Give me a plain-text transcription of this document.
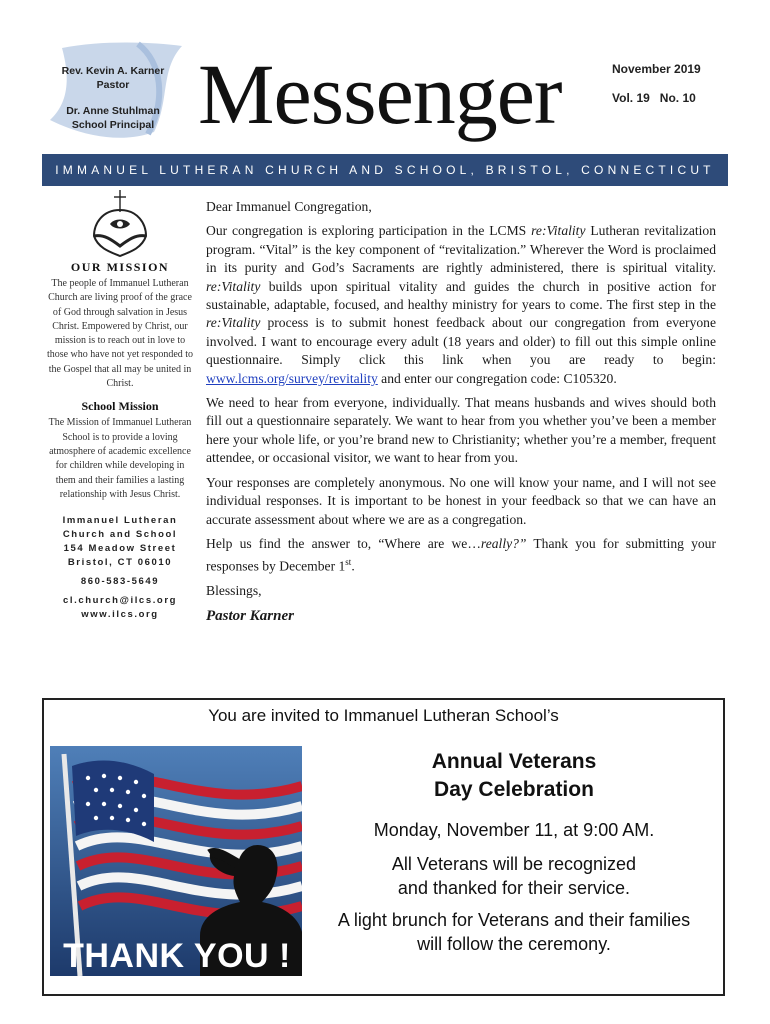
Rev. Kevin A. Karner
Pastor
Dr. Anne Stuhlman
School Principal Messenger	November 2019
Vol. 19   No. 10
IMMANUEL LUTHERAN CHURCH AND SCHOOL, BRISTOL, CONNECTICUT
OUR MISSION
The people of Immanuel Lutheran Church are living proof of the grace of God through salvation in Jesus Christ. Empowered by Christ, our mission is to reach out in love to those who have not yet responded to the Gospel that all may be united in Christ.
School Mission
The Mission of Immanuel Lutheran School is to provide a loving atmosphere of academic excellence for children while developing in them and their families a lasting relationship with Jesus Christ.
Immanuel Lutheran Church and School
154 Meadow Street
Bristol, CT 06010
860-583-5649
cl.church@ilcs.org
www.ilcs.org

Dear Immanuel Congregation,

Our congregation is exploring participation in the LCMS re:Vitality Lutheran revitalization program. “Vital” is the key component of “revitalization.” Wherever the Word is proclaimed in its purity and God’s Sacraments are rightly administered, there is spiritual vitality. re:Vitality builds upon spiritual vitality and guides the church in positive action for sustainable, adaptable, focused, and healthy ministry for years to come. The first step in the re:Vitality process is to submit honest feedback about our congregation from everyone involved. I want to encourage every adult (18 years and older) to fill out this simple online questionnaire. Simply click this link when you are ready to begin: www.lcms.org/survey/revitality and enter our congregation code: C105320.

We need to hear from everyone, individually. That means husbands and wives should both fill out a questionnaire separately. We want to hear from you whether you’ve been a member here your whole life, or you’re brand new to Christianity; whether you’re a member, frequent attendee, or occasional visitor, we want to hear from you.

Your responses are completely anonymous. No one will know your name, and I will not see individual responses. It is important to be honest in your feedback so that we can have an accurate assessment about where we are as a congregation.

Help us find the answer to, “Where are we…really?” Thank you for submitting your responses by December 1st.

Blessings,

Pastor Karner
You are invited to Immanuel Lutheran School’s
THANK YOU !
Annual Veterans
Day Celebration
Monday, November 11, at 9:00 AM.
All Veterans will be recognized
and thanked for their service.
A light brunch for Veterans and their families
will follow the ceremony.
